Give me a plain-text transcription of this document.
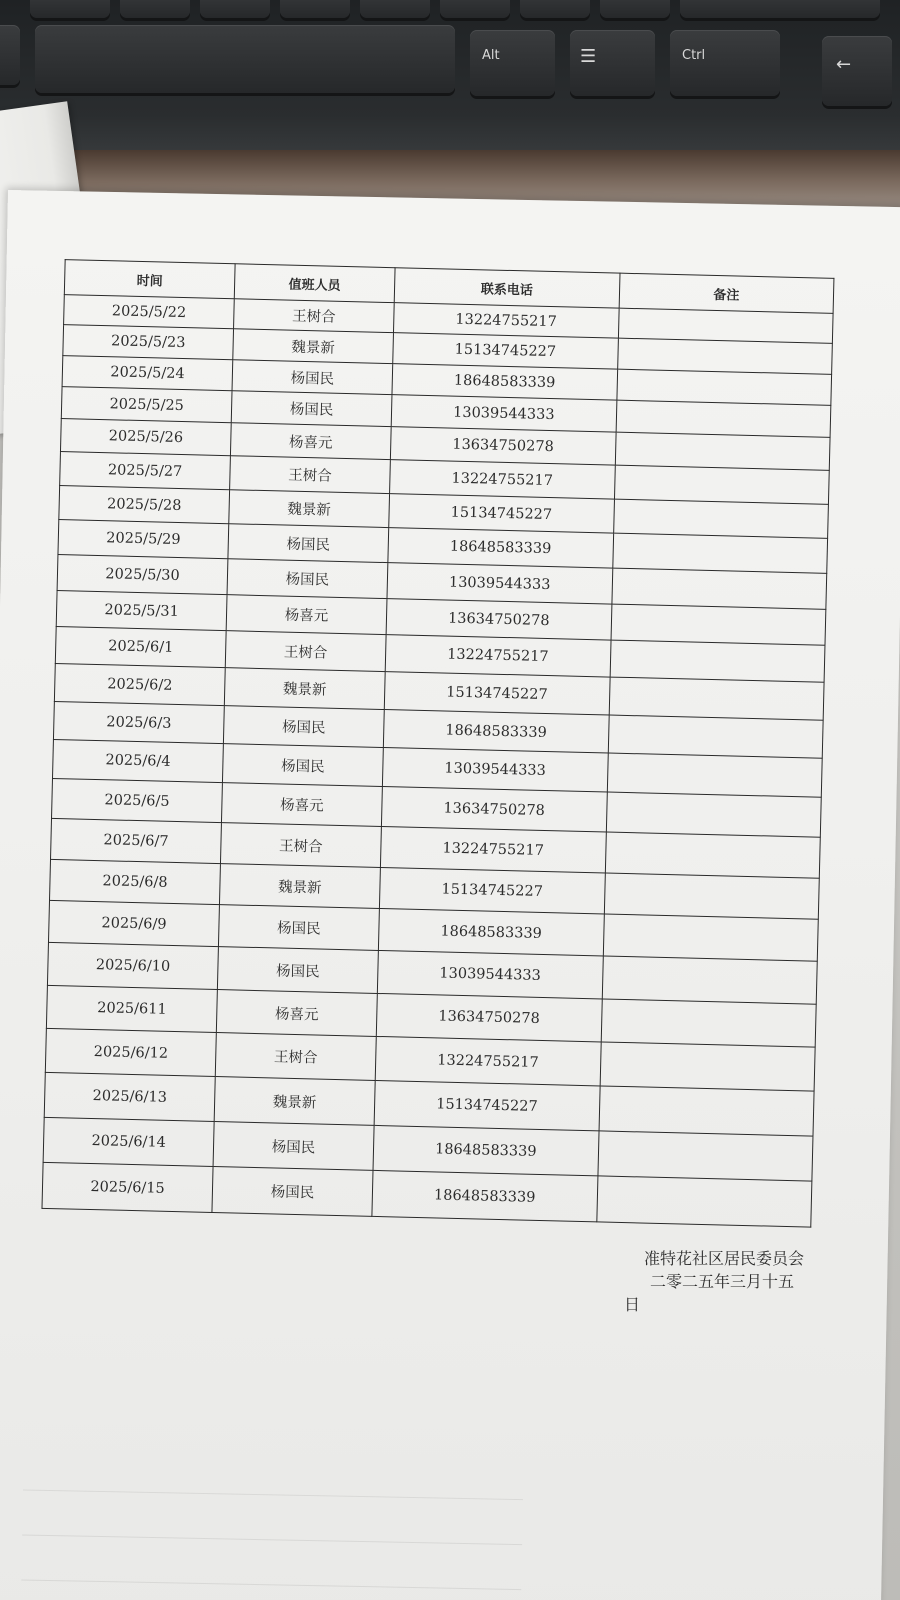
Alt	☰	Ctrl	←
时间	值班人员	联系电话	备注
2025/5/22	王树合	13224755217	
2025/5/23	魏景新	15134745227	
2025/5/24	杨国民	18648583339	
2025/5/25	杨国民	13039544333	
2025/5/26	杨喜元	13634750278	
2025/5/27	王树合	13224755217	
2025/5/28	魏景新	15134745227	
2025/5/29	杨国民	18648583339	
2025/5/30	杨国民	13039544333	
2025/5/31	杨喜元	13634750278	
2025/6/1	王树合	13224755217	
2025/6/2	魏景新	15134745227	
2025/6/3	杨国民	18648583339	
2025/6/4	杨国民	13039544333	
2025/6/5	杨喜元	13634750278	
2025/6/7	王树合	13224755217	
2025/6/8	魏景新	15134745227	
2025/6/9	杨国民	18648583339	
2025/6/10	杨国民	13039544333	
2025/611	杨喜元	13634750278	
2025/6/12	王树合	13224755217	
2025/6/13	魏景新	15134745227	
2025/6/14	杨国民	18648583339	
2025/6/15	杨国民	18648583339	
准特花社区居民委员会
二零二五年三月十五
日
